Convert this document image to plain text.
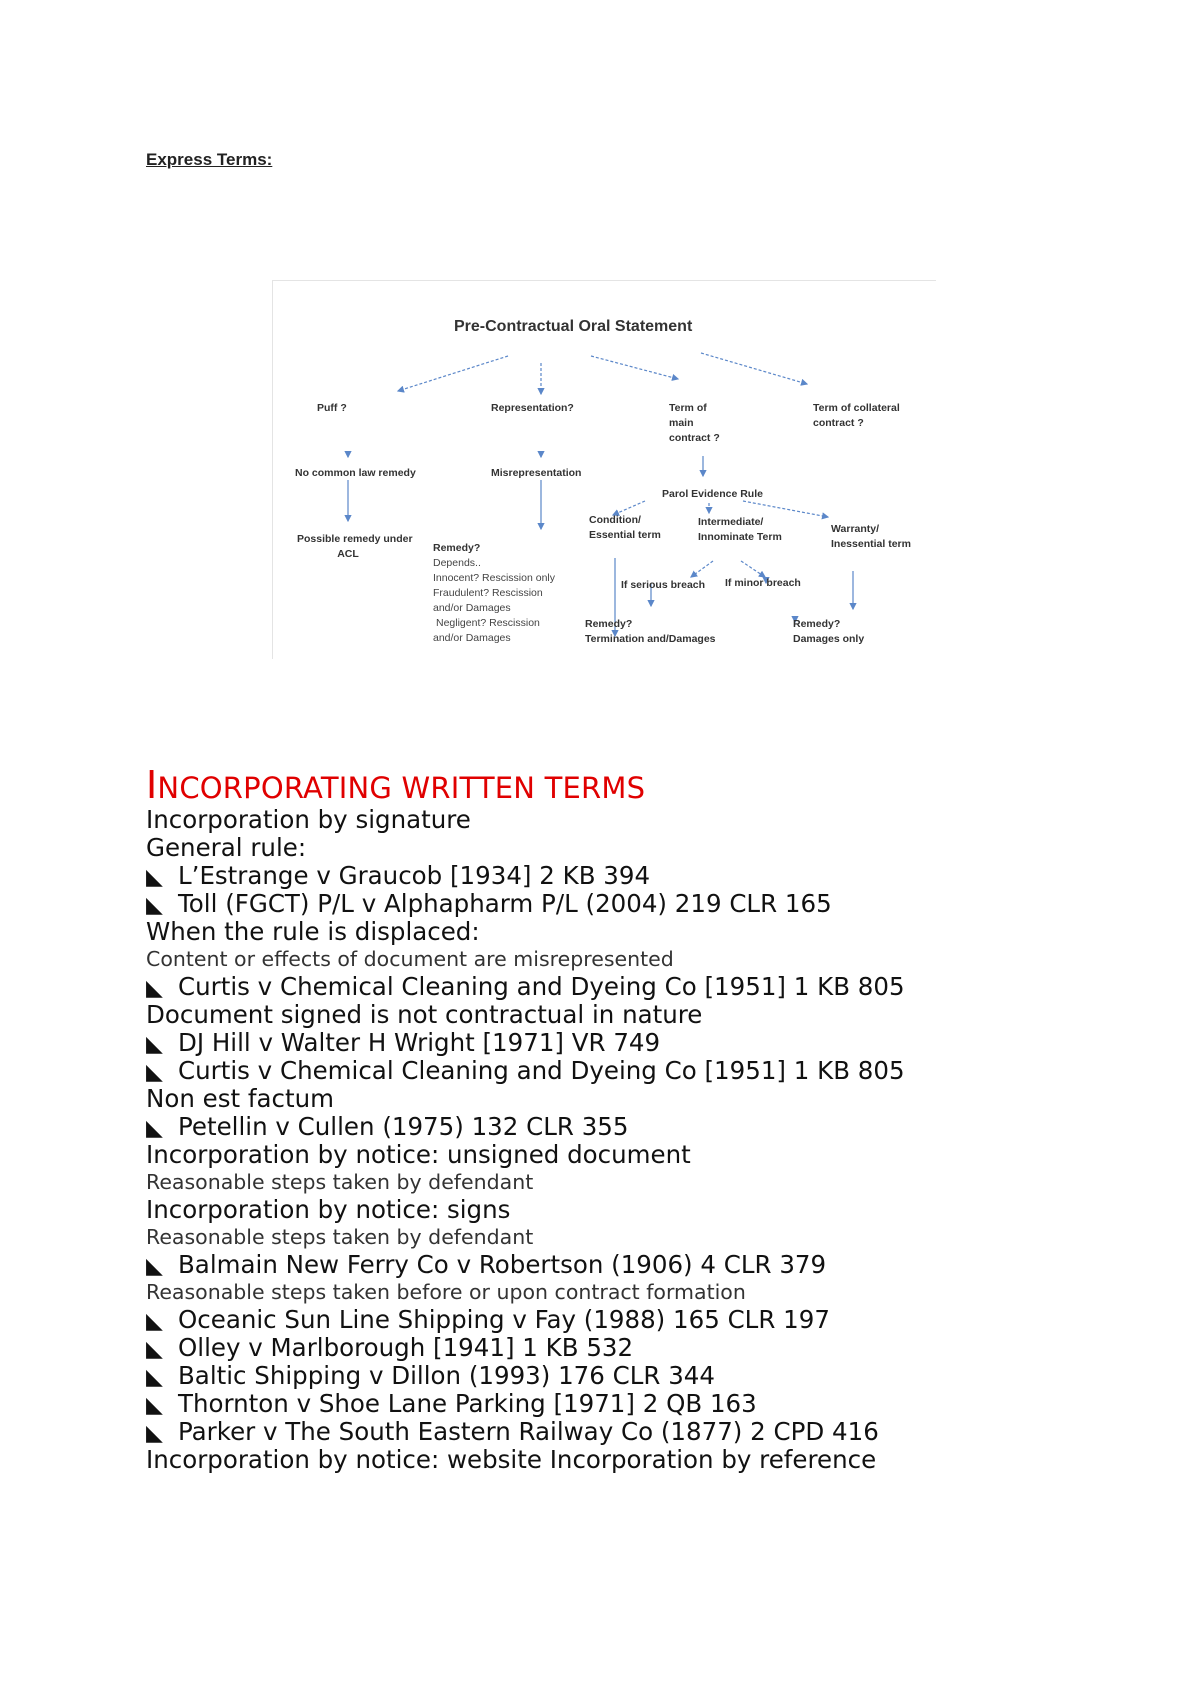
Express Terms:
Pre-Contractual Oral Statement
Puff ?	Representation?	Term of
main
contract ?
Term of collateral
contract ?
No common law remedy	Misrepresentation
Parol Evidence Rule
Possible remedy under
ACL
Condition/
Essential term
Intermediate/
Innominate Term
Warranty/
Inessential term
Remedy?
Depends..
Innocent? Rescission only
Fraudulent? Rescission
and/or Damages
Negligent? Rescission
and/or Damages
If serious breach If minor breach
Remedy?
Termination and/Damages
Remedy?
Damages only
INCORPORATING WRITTEN TERMS
Incorporation by signature
General rule:
◣ L’Estrange v Graucob [1934] 2 KB 394
◣ Toll (FGCT) P/L v Alphapharm P/L (2004) 219 CLR 165
When the rule is displaced:
Content or effects of document are misrepresented
◣ Curtis v Chemical Cleaning and Dyeing Co [1951] 1 KB 805
Document signed is not contractual in nature
◣ DJ Hill v Walter H Wright [1971] VR 749
◣ Curtis v Chemical Cleaning and Dyeing Co [1951] 1 KB 805
Non est factum
◣ Petellin v Cullen (1975) 132 CLR 355
Incorporation by notice: unsigned document
Reasonable steps taken by defendant
Incorporation by notice: signs
Reasonable steps taken by defendant
◣ Balmain New Ferry Co v Robertson (1906) 4 CLR 379
Reasonable steps taken before or upon contract formation
◣ Oceanic Sun Line Shipping v Fay (1988) 165 CLR 197
◣ Olley v Marlborough [1941] 1 KB 532
◣ Baltic Shipping v Dillon (1993) 176 CLR 344
◣ Thornton v Shoe Lane Parking [1971] 2 QB 163
◣ Parker v The South Eastern Railway Co (1877) 2 CPD 416
Incorporation by notice: website Incorporation by reference
